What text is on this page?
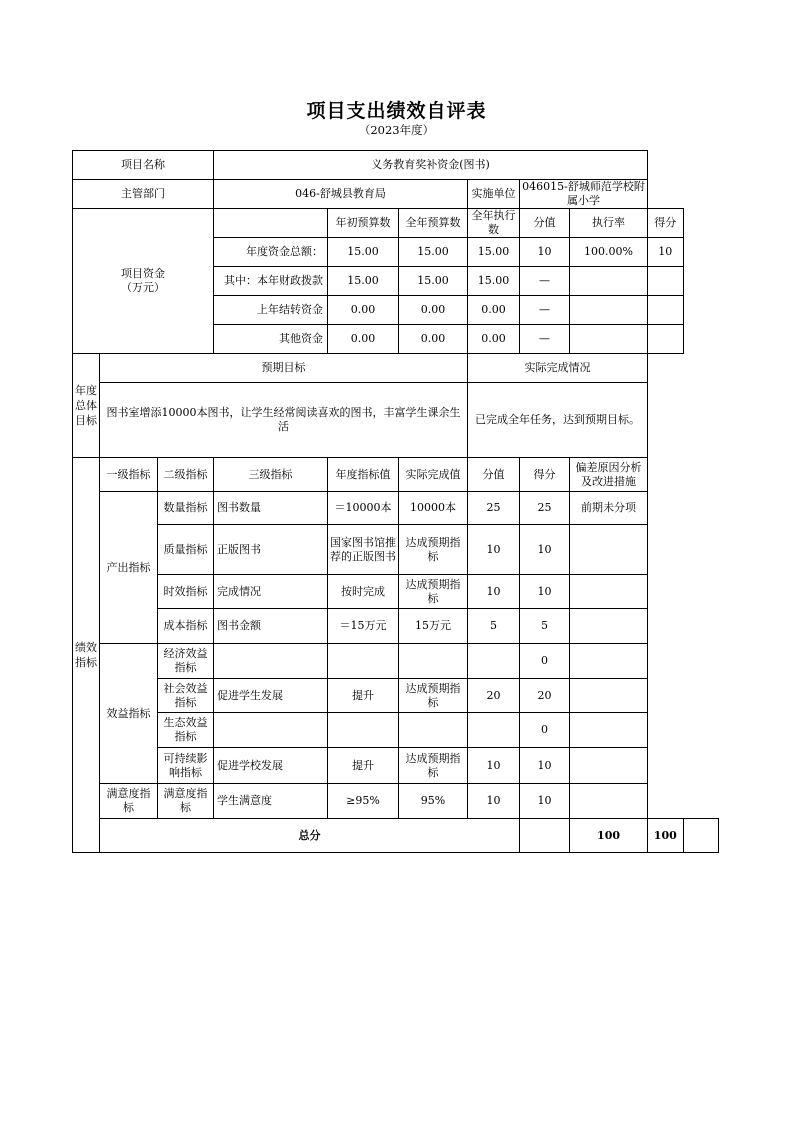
项目支出绩效自评表
（2023年度）
项目名称			义务教育奖补资金(图书)							
主管部门			046-舒城县教育局			实施单位	046015-舒城师范学校附属小学			
项目资金
（万元）				年初预算数	全年预算数	全年执行数	分值	执行率	得分	
			年度资金总额：	15.00	15.00	15.00	10	100.00%	10	
			其中：本年财政拨款	15.00	15.00	15.00	—			
			上年结转资金	0.00	0.00	0.00	—			
			其他资金	0.00	0.00	0.00	—			
年度总体目标	预期目标					实际完成情况				
	图书室增添10000本图书，让学生经常阅读喜欢的图书，丰富学生课余生活					已完成全年任务，达到预期目标。				
绩效指标	一级指标	二级指标	三级指标	年度指标值	实际完成值	分值	得分	偏差原因分析及改进措施		
	产出指标	数量指标	图书数量	＝10000本	10000本	25	25	前期未分项		
		质量指标	正版图书	国家图书馆推荐的正版图书	达成预期指标	10	10			
		时效指标	完成情况	按时完成	达成预期指标	10	10			
		成本指标	图书金额	＝15万元	15万元	5	5			
	效益指标	经济效益指标					0			
		社会效益指标	促进学生发展	提升	达成预期指标	20	20			
		生态效益指标					0			
		可持续影响指标	促进学校发展	提升	达成预期指标	10	10			
	满意度指标	满意度指标	学生满意度	≥95%	95%	10	10			
	总分							100	100	
